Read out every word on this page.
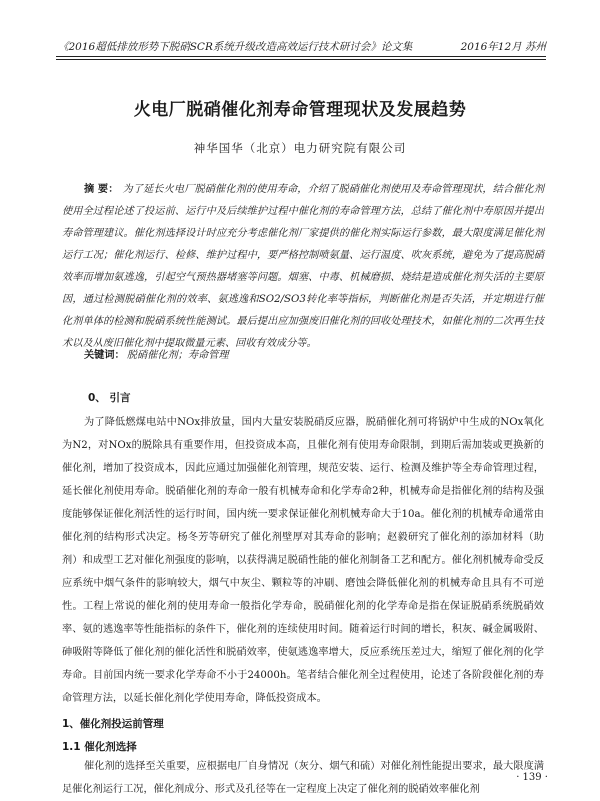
《2016超低排放形势下脱硝SCR系统升级改造高效运行技术研讨会》论文集	2016年12月 苏州
火电厂脱硝催化剂寿命管理现状及发展趋势
神华国华（北京）电力研究院有限公司
摘 要： 为了延长火电厂脱硝催化剂的使用寿命，介绍了脱硝催化剂使用及寿命管理现状，结合催化剂使用全过程论述了投运前、运行中及后续维护过程中催化剂的寿命管理方法，总结了催化剂中寿原因并提出寿命管理建议。催化剂选择设计时应充分考虑催化剂厂家提供的催化剂实际运行参数，最大限度满足催化剂运行工况；催化剂运行、检修、维护过程中，要严格控制喷氨量、运行温度、吹灰系统，避免为了提高脱硝效率而增加氨逃逸，引起空气预热器堵塞等问题。烟塞、中毒、机械磨损、烧结是造成催化剂失活的主要原因，通过检测脱硝催化剂的效率、氨逃逸和SO2/SO3转化率等指标，判断催化剂是否失活，并定期进行催化剂单体的检测和脱硝系统性能测试。最后提出应加强废旧催化剂的回收处理技术，如催化剂的二次再生技术以及从废旧催化剂中提取微量元素、回收有效成分等。
关键词： 脱硝催化剂；寿命管理
0、 引言
为了降低燃煤电站中NOx排放量，国内大量安装脱硝反应器，脱硝催化剂可将锅炉中生成的NOx氧化为N2，对NOx的脱除具有重要作用，但投资成本高，且催化剂有使用寿命限制，到期后需加装或更换新的催化剂，增加了投资成本，因此应通过加强催化剂管理，规范安装、运行、检测及维护等全寿命管理过程，延长催化剂使用寿命。脱硝催化剂的寿命一般有机械寿命和化学寿命2种，机械寿命是指催化剂的结构及强度能够保证催化剂活性的运行时间，国内统一要求保证催化剂机械寿命大于10a。催化剂的机械寿命通常由催化剂的结构形式决定。杨冬芳等研究了催化剂壁厚对其寿命的影响；赵毅研究了催化剂的添加材料（助剂）和成型工艺对催化剂强度的影响，以获得满足脱硝性能的催化剂制备工艺和配方。催化剂机械寿命受反应系统中烟气条件的影响较大，烟气中灰尘、颗粒等的冲刷、磨蚀会降低催化剂的机械寿命且具有不可逆性。工程上常说的催化剂的使用寿命一般指化学寿命，脱硝催化剂的化学寿命是指在保证脱硝系统脱硝效率、氨的逃逸率等性能指标的条件下，催化剂的连续使用时间。随着运行时间的增长，积灰、碱金属吸附、砷吸附等降低了催化剂的催化活性和脱硝效率，使氨逃逸率增大，反应系统压差过大，缩短了催化剂的化学寿命。目前国内统一要求化学寿命不小于24000h。笔者结合催化剂全过程使用，论述了各阶段催化剂的寿命管理方法，以延长催化剂化学使用寿命，降低投资成本。
1、催化剂投运前管理
1.1 催化剂选择
催化剂的选择至关重要，应根据电厂自身情况（灰分、烟气和硫）对催化剂性能提出要求，最大限度满足催化剂运行工况，催化剂成分、形式及孔径等在一定程度上决定了催化剂的脱硝效率催化剂
· 139 ·
